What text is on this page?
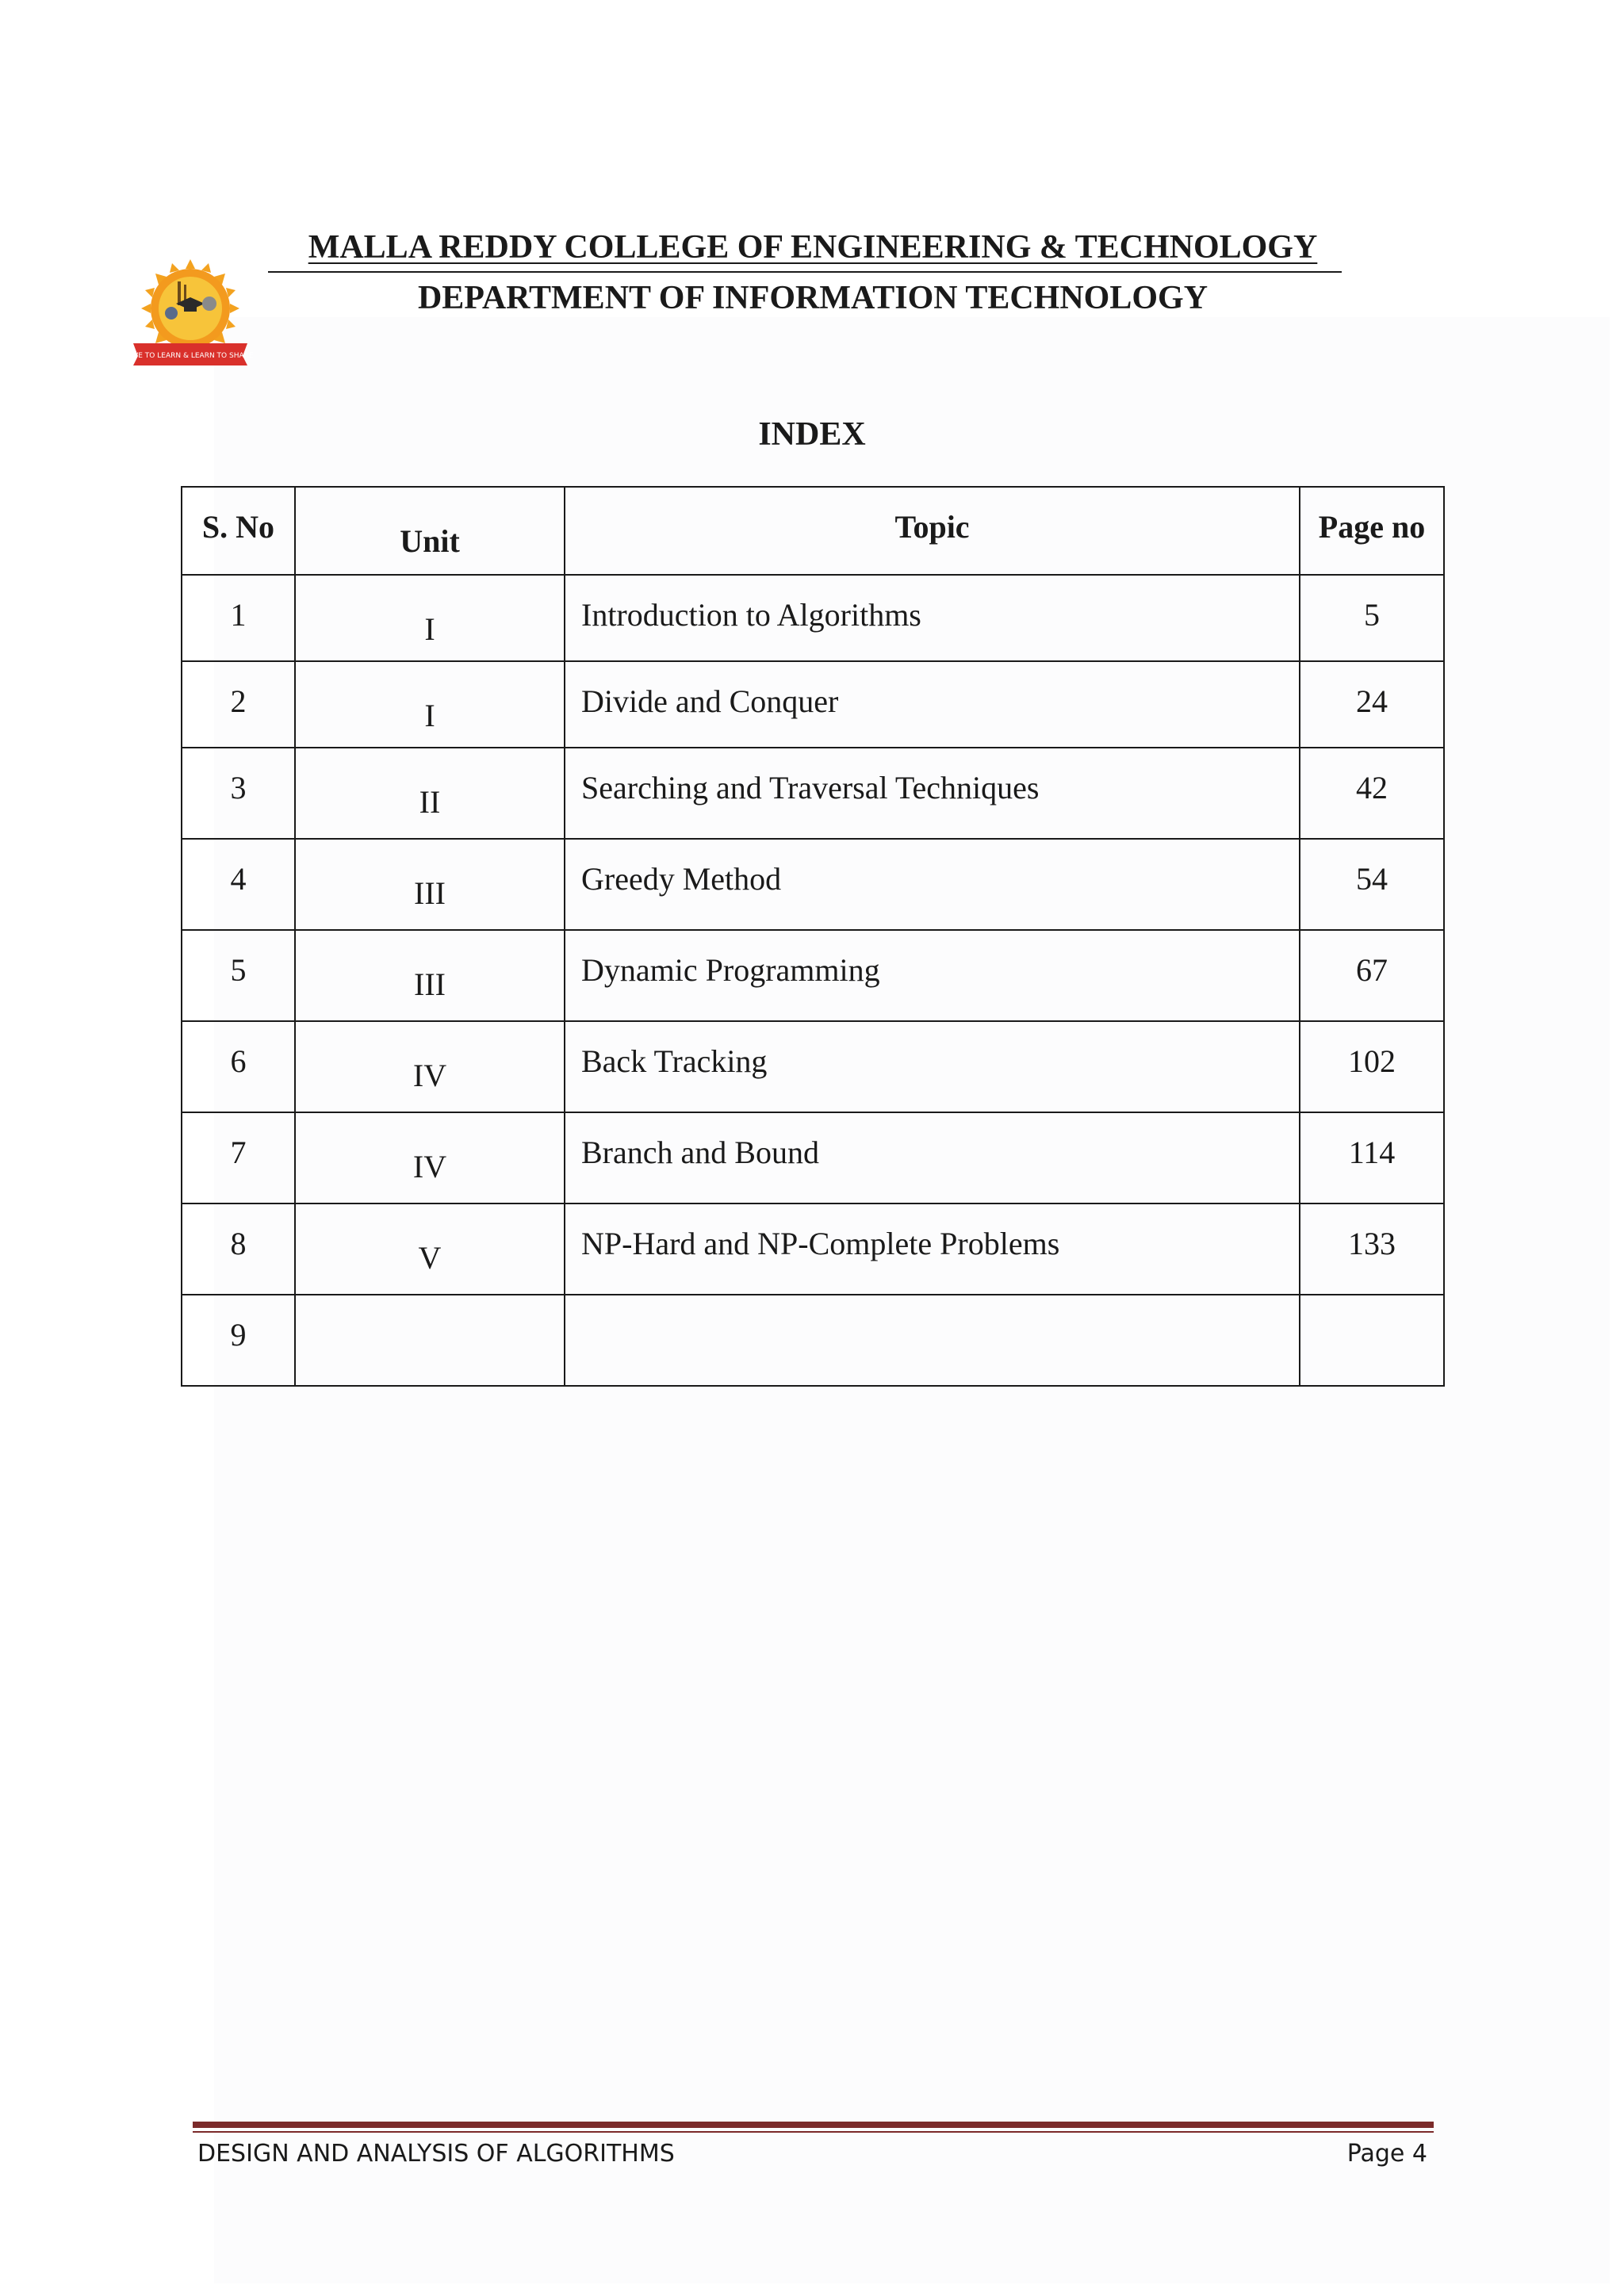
LIVE TO LEARN & LEARN TO SHARE
MALLA REDDY COLLEGE OF ENGINEERING & TECHNOLOGY
DEPARTMENT OF INFORMATION TECHNOLOGY
INDEX
S. No	Unit	Topic	Page no

1	I	Introduction to Algorithms	5

2	I	Divide and Conquer	24

3	II	Searching and Traversal Techniques	42

4	III	Greedy Method	54

5	III	Dynamic Programming	67

6	IV	Back Tracking	102

7	IV	Branch and Bound	114

8	V	NP-Hard and NP-Complete Problems	133

9			

DESIGN AND ANALYSIS OF ALGORITHMS	Page 4
